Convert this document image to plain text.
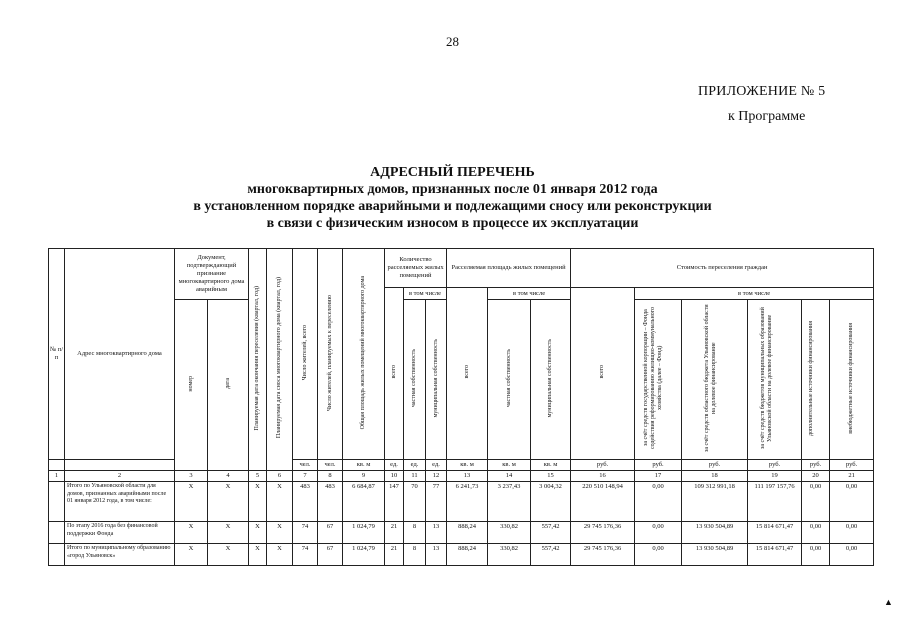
28
ПРИЛОЖЕНИЕ № 5
к Программе
АДРЕСНЫЙ ПЕРЕЧЕНЬ
многоквартирных домов, признанных после 01 января 2012 года
в установленном порядке аварийными и подлежащими сносу или реконструкции
в связи с физическим износом в процессе их эксплуатации
№ п/п	Адрес многоквартирного дома	Документ, подтверждающий признание многоквартирного дома аварийным		Планируемая дата окончания переселения (квартал, год)	Планируемая дата сноса многоквартирного дома (квартал, год)	Число жителей, всего	Число жителей, планируемых к переселению	Общая площадь жилых помещений многоквартирного дома	Количество расселяемых жилых помещений			Расселяемая площадь жилых помещений			Стоимость переселения граждан					
									всего	в том числе		всего	в том числе		всего	в том числе				
		номер	дата							частная собственность	муниципальная собственность		частная собственность	муниципальная собственность		за счёт средств государственной корпорации – Фонда содействия реформированию жилищно-коммунального хозяйства (далее – Фонд)	за счёт средств областного бюджета Ульяновской области на долевое финансирование	за счёт средств бюджетов муниципальных образований Ульяновской области на долевое финансирование	дополнительные источники финансирования	внебюджетные источники финансирования
						чел.	чел.	кв. м	ед.	ед.	ед.	кв. м	кв. м	кв. м	руб.	руб.	руб.	руб.	руб.	руб.
1	2	3	4	5	6	7	8	9	10	11	12	13	14	15	16	17	18	19	20	21
	Итого по Ульяновской области для домов, признанных аварийными после 01 января 2012 года, в том числе:	Х	Х	Х	Х	483	483	6 684,87	147	70	77	6 241,73	3 237,43	3 004,32	220 510 148,94	0,00	109 312 991,18	111 197 157,76	0,00	0,00
	По этапу 2016 года без финансовой поддержки Фонда	Х	Х	Х	Х	74	67	1 024,79	21	8	13	888,24	330,82	557,42	29 745 176,36	0,00	13 930 504,89	15 814 671,47	0,00	0,00
	Итого по муниципальному образованию «город Ульяновск»	Х	Х	Х	Х	74	67	1 024,79	21	8	13	888,24	330,82	557,42	29 745 176,36	0,00	13 930 504,89	15 814 671,47	0,00	0,00
▲
